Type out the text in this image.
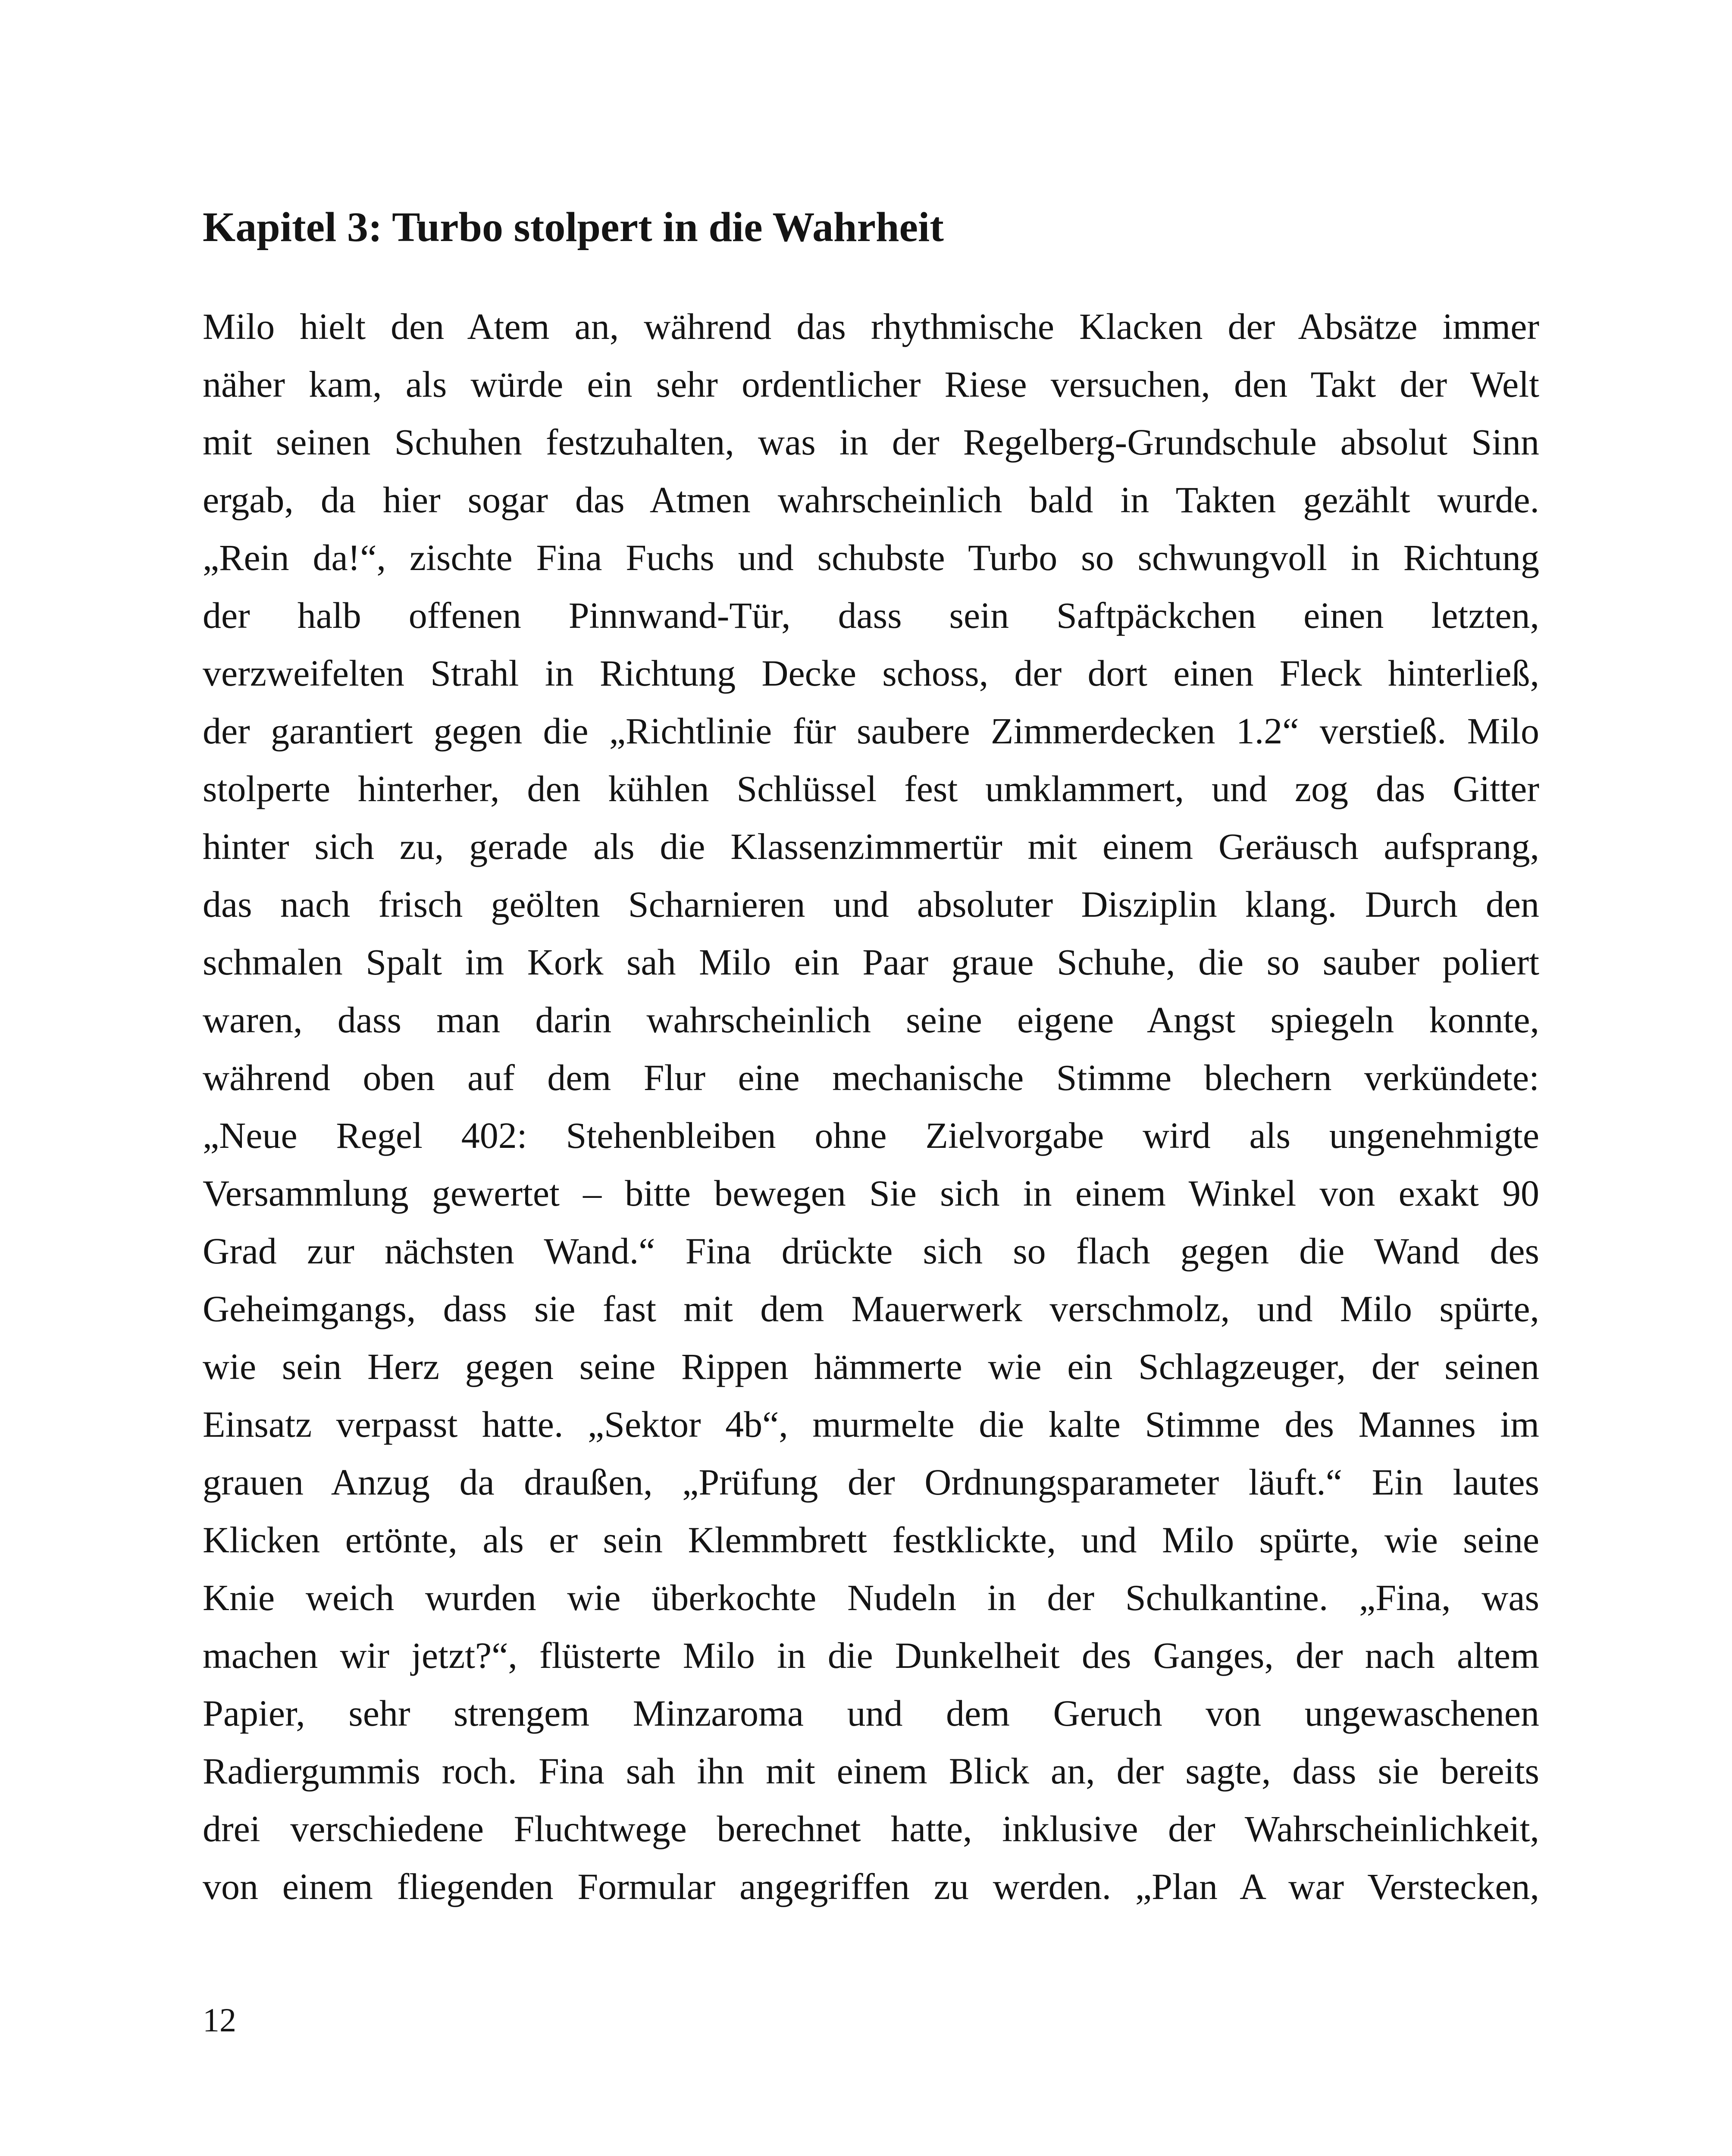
Kapitel 3: Turbo stolpert in die Wahrheit
Milo hielt den Atem an, während das rhythmische Klacken der Absätze immer
näher kam, als würde ein sehr ordentlicher Riese versuchen, den Takt der Welt
mit seinen Schuhen festzuhalten, was in der Regelberg-Grundschule absolut Sinn
ergab, da hier sogar das Atmen wahrscheinlich bald in Takten gezählt wurde.
„Rein da!“, zischte Fina Fuchs und schubste Turbo so schwungvoll in Richtung
der halb offenen Pinnwand-Tür, dass sein Saftpäckchen einen letzten,
verzweifelten Strahl in Richtung Decke schoss, der dort einen Fleck hinterließ,
der garantiert gegen die „Richtlinie für saubere Zimmerdecken 1.2“ verstieß. Milo
stolperte hinterher, den kühlen Schlüssel fest umklammert, und zog das Gitter
hinter sich zu, gerade als die Klassenzimmertür mit einem Geräusch aufsprang,
das nach frisch geölten Scharnieren und absoluter Disziplin klang. Durch den
schmalen Spalt im Kork sah Milo ein Paar graue Schuhe, die so sauber poliert
waren, dass man darin wahrscheinlich seine eigene Angst spiegeln konnte,
während oben auf dem Flur eine mechanische Stimme blechern verkündete:
„Neue Regel 402: Stehenbleiben ohne Zielvorgabe wird als ungenehmigte
Versammlung gewertet – bitte bewegen Sie sich in einem Winkel von exakt 90
Grad zur nächsten Wand.“ Fina drückte sich so flach gegen die Wand des
Geheimgangs, dass sie fast mit dem Mauerwerk verschmolz, und Milo spürte,
wie sein Herz gegen seine Rippen hämmerte wie ein Schlagzeuger, der seinen
Einsatz verpasst hatte. „Sektor 4b“, murmelte die kalte Stimme des Mannes im
grauen Anzug da draußen, „Prüfung der Ordnungsparameter läuft.“ Ein lautes
Klicken ertönte, als er sein Klemmbrett festklickte, und Milo spürte, wie seine
Knie weich wurden wie überkochte Nudeln in der Schulkantine. „Fina, was
machen wir jetzt?“, flüsterte Milo in die Dunkelheit des Ganges, der nach altem
Papier, sehr strengem Minzaroma und dem Geruch von ungewaschenen
Radiergummis roch. Fina sah ihn mit einem Blick an, der sagte, dass sie bereits
drei verschiedene Fluchtwege berechnet hatte, inklusive der Wahrscheinlichkeit,
von einem fliegenden Formular angegriffen zu werden. „Plan A war Verstecken,
12
